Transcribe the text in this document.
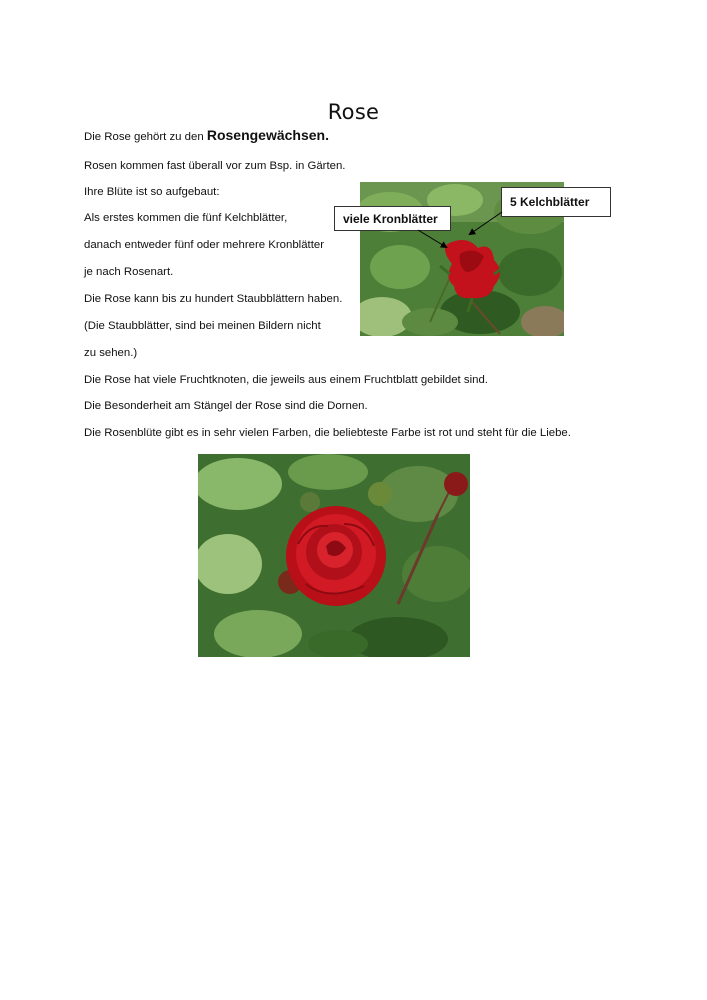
Rose
Die Rose gehört zu den Rosengewächsen.
Rosen kommen fast überall vor zum Bsp. in Gärten.
Ihre Blüte ist so aufgebaut:
Als erstes kommen die fünf Kelchblätter,
danach entweder fünf oder mehrere Kronblätter
je nach Rosenart.
Die Rose kann bis zu hundert Staubblättern haben.
(Die Staubblätter, sind bei meinen Bildern nicht
zu sehen.)
Die Rose hat viele Fruchtknoten, die jeweils aus einem Fruchtblatt gebildet sind.
Die Besonderheit am Stängel der Rose sind die Dornen.
Die Rosenblüte gibt es in sehr vielen Farben, die beliebteste Farbe ist rot und steht für die Liebe.
5 Kelchblätter
viele Kronblätter
